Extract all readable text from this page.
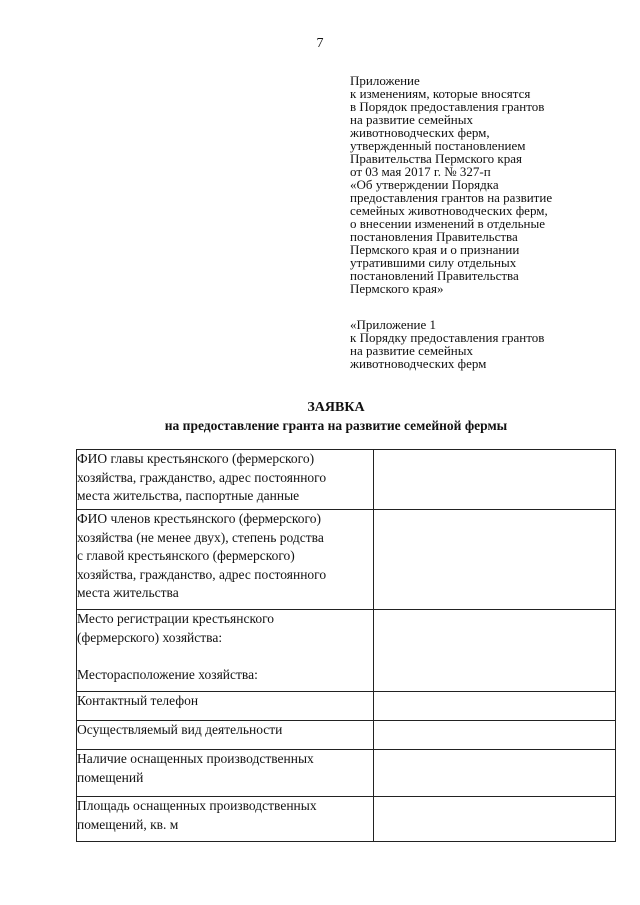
7
Приложение
к изменениям, которые вносятся
в Порядок предоставления грантов
на развитие семейных
животноводческих ферм,
утвержденный постановлением
Правительства Пермского края
от 03 мая 2017 г. № 327-п
«Об утверждении Порядка
предоставления грантов на развитие
семейных животноводческих ферм,
о внесении изменений в отдельные
постановления Правительства
Пермского края и о признании
утратившими силу отдельных
постановлений Правительства
Пермского края»
«Приложение 1
к Порядку предоставления грантов
на развитие семейных
животноводческих ферм
ЗАЯВКА
на предоставление гранта на развитие семейной фермы
ФИО главы крестьянского (фермерского)
хозяйства, гражданство, адрес постоянного
места жительства, паспортные данные	

ФИО членов крестьянского (фермерского)
хозяйства (не менее двух), степень родства
с главой крестьянского (фермерского)
хозяйства, гражданство, адрес постоянного
места жительства	

Место регистрации крестьянского
(фермерского) хозяйства:
Месторасположение хозяйства:	

Контактный телефон	

Осуществляемый вид деятельности	

Наличие оснащенных производственных
помещений	

Площадь оснащенных производственных
помещений, кв. м	
